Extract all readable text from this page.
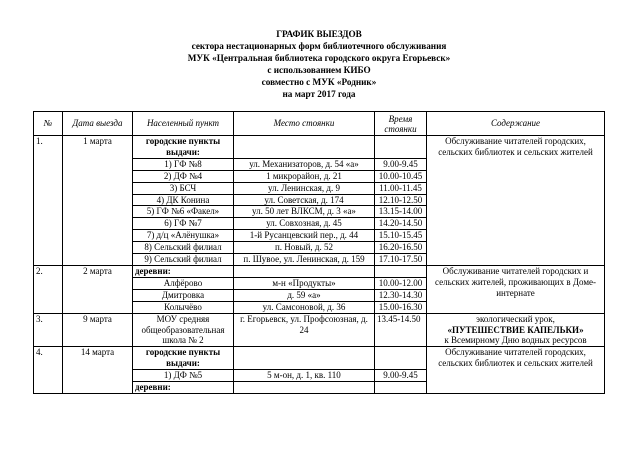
ГРАФИК ВЫЕЗДОВ
сектора нестационарных форм библиотечного обслуживания
МУК «Центральная библиотека городского округа Егорьевск»
с использованием КИБО
совместно с МУК «Родник»
на март 2017 года
№	Дата выезда	Населенный пункт	Место стоянки	Время стоянки	Содержание
1.	1 марта	городские пункты выдачи:			Обслуживание читателей городских, сельских библиотек и сельских жителей
		1) ГФ №8	ул. Механизаторов, д. 54 «а»	9.00-9.45	
		2) ДФ №4	1 микрорайон, д. 21	10.00-10.45	
		3) БСЧ	ул. Ленинская, д. 9	11.00-11.45	
		4) ДК Конина	ул. Советская, д. 174	12.10-12.50	
		5) ГФ №6 «Факел»	ул. 50 лет ВЛКСМ, д. 3 «а»	13.15-14.00	
		6) ГФ №7	ул. Совхозная, д. 45	14.20-14.50	
		7) д/ц «Алёнушка»	1-й Русанцевский пер., д. 44	15.10-15.45	
		8) Сельский филиал	п. Новый, д. 52	16.20-16.50	
		9) Сельский филиал	п. Шувое, ул. Ленинская, д. 159	17.10-17.50	
2.	2 марта	деревни:			Обслуживание читателей городских и сельских жителей, проживающих в Доме-интернате
		Алфёрово	м-н «Продукты»	10.00-12.00	
		Дмитровка	д. 59 «а»	12.30-14.30	
		Колычёво	ул. Самсоновой, д. 36	15.00-16.30	
3.	9 марта	МОУ средняя общеобразовательная школа № 2	г. Егорьевск, ул. Профсоюзная, д. 24	13.45-14.50	экологический урок,
«ПУТЕШЕСТВИЕ КАПЕЛЬКИ»
к Всемирному Дню водных ресурсов

4.	14 марта	городские пункты выдачи:			Обслуживание читателей городских, сельских библиотек и сельских жителей
		1) ДФ №5	5 м-он, д. 1, кв. 110	9.00-9.45	
		деревни:			
